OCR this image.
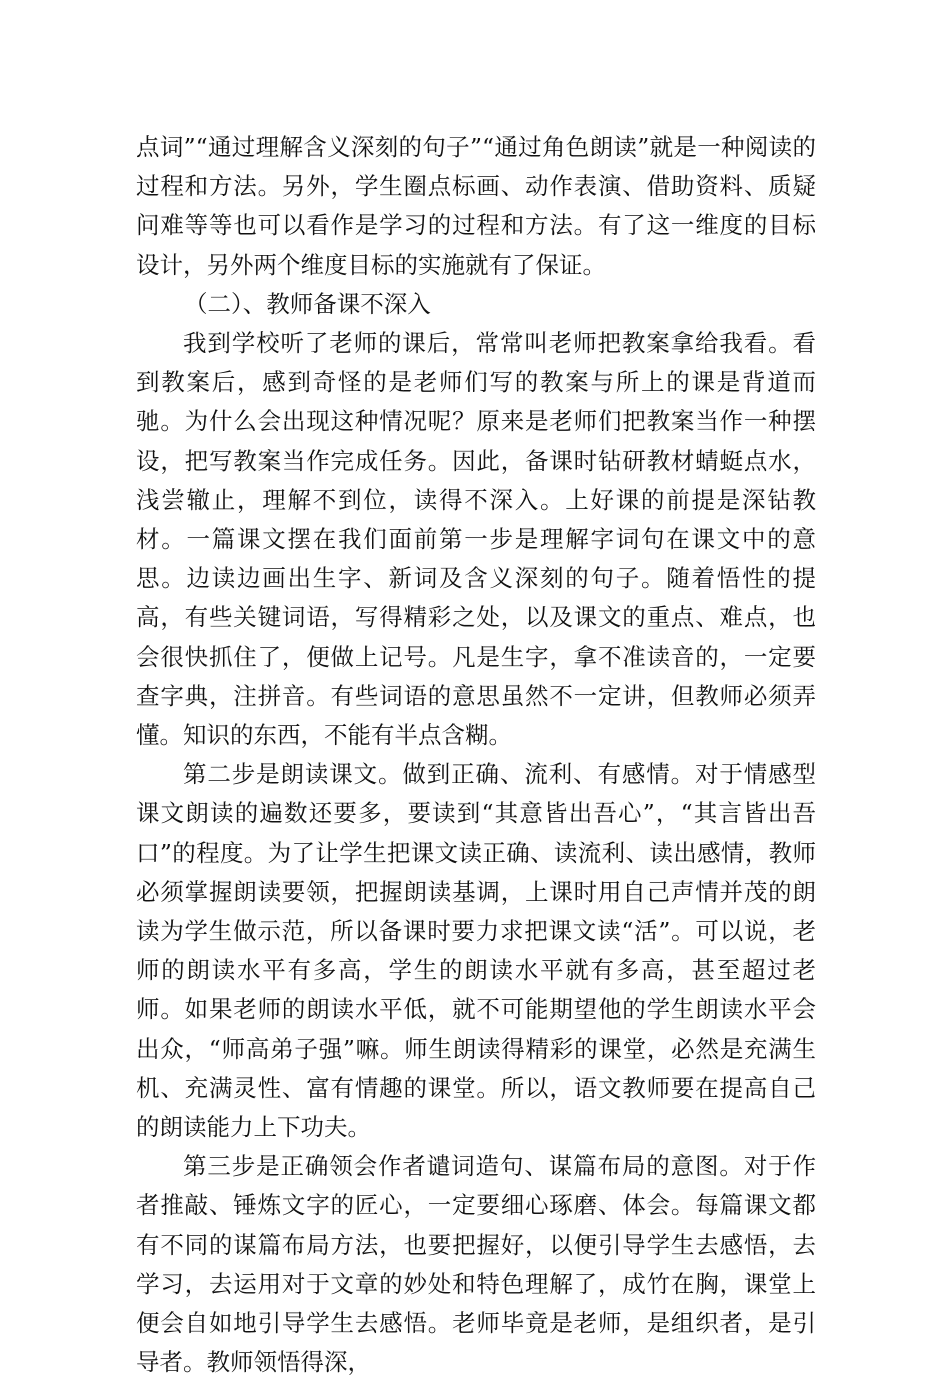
点词”“通过理解含义深刻的句子”“通过角色朗读”就是一种阅读的过程和方法。另外，学生圈点标画、动作表演、借助资料、质疑问难等等也可以看作是学习的过程和方法。有了这一维度的目标设计，另外两个维度目标的实施就有了保证。

（二）、教师备课不深入

我到学校听了老师的课后，常常叫老师把教案拿给我看。看到教案后，感到奇怪的是老师们写的教案与所上的课是背道而驰。为什么会出现这种情况呢？原来是老师们把教案当作一种摆设，把写教案当作完成任务。因此，备课时钻研教材蜻蜓点水，浅尝辙止，理解不到位，读得不深入。上好课的前提是深钻教材。一篇课文摆在我们面前第一步是理解字词句在课文中的意思。边读边画出生字、新词及含义深刻的句子。随着悟性的提高，有些关键词语，写得精彩之处，以及课文的重点、难点，也会很快抓住了，便做上记号。凡是生字，拿不准读音的，一定要查字典，注拼音。有些词语的意思虽然不一定讲，但教师必须弄懂。知识的东西，不能有半点含糊。

第二步是朗读课文。做到正确、流利、有感情。对于情感型课文朗读的遍数还要多，要读到“其意皆出吾心”，“其言皆出吾口”的程度。为了让学生把课文读正确、读流利、读出感情，教师必须掌握朗读要领，把握朗读基调，上课时用自己声情并茂的朗读为学生做示范，所以备课时要力求把课文读“活”。可以说，老师的朗读水平有多高，学生的朗读水平就有多高，甚至超过老师。如果老师的朗读水平低，就不可能期望他的学生朗读水平会出众，“师高弟子强”嘛。师生朗读得精彩的课堂，必然是充满生机、充满灵性、富有情趣的课堂。所以，语文教师要在提高自己的朗读能力上下功夫。

第三步是正确领会作者谴词造句、谋篇布局的意图。对于作者推敲、锤炼文字的匠心，一定要细心琢磨、体会。每篇课文都有不同的谋篇布局方法，也要把握好，以便引导学生去感悟，去学习，去运用对于文章的妙处和特色理解了，成竹在胸，课堂上便会自如地引导学生去感悟。老师毕竟是老师，是组织者，是引导者。教师领悟得深，
